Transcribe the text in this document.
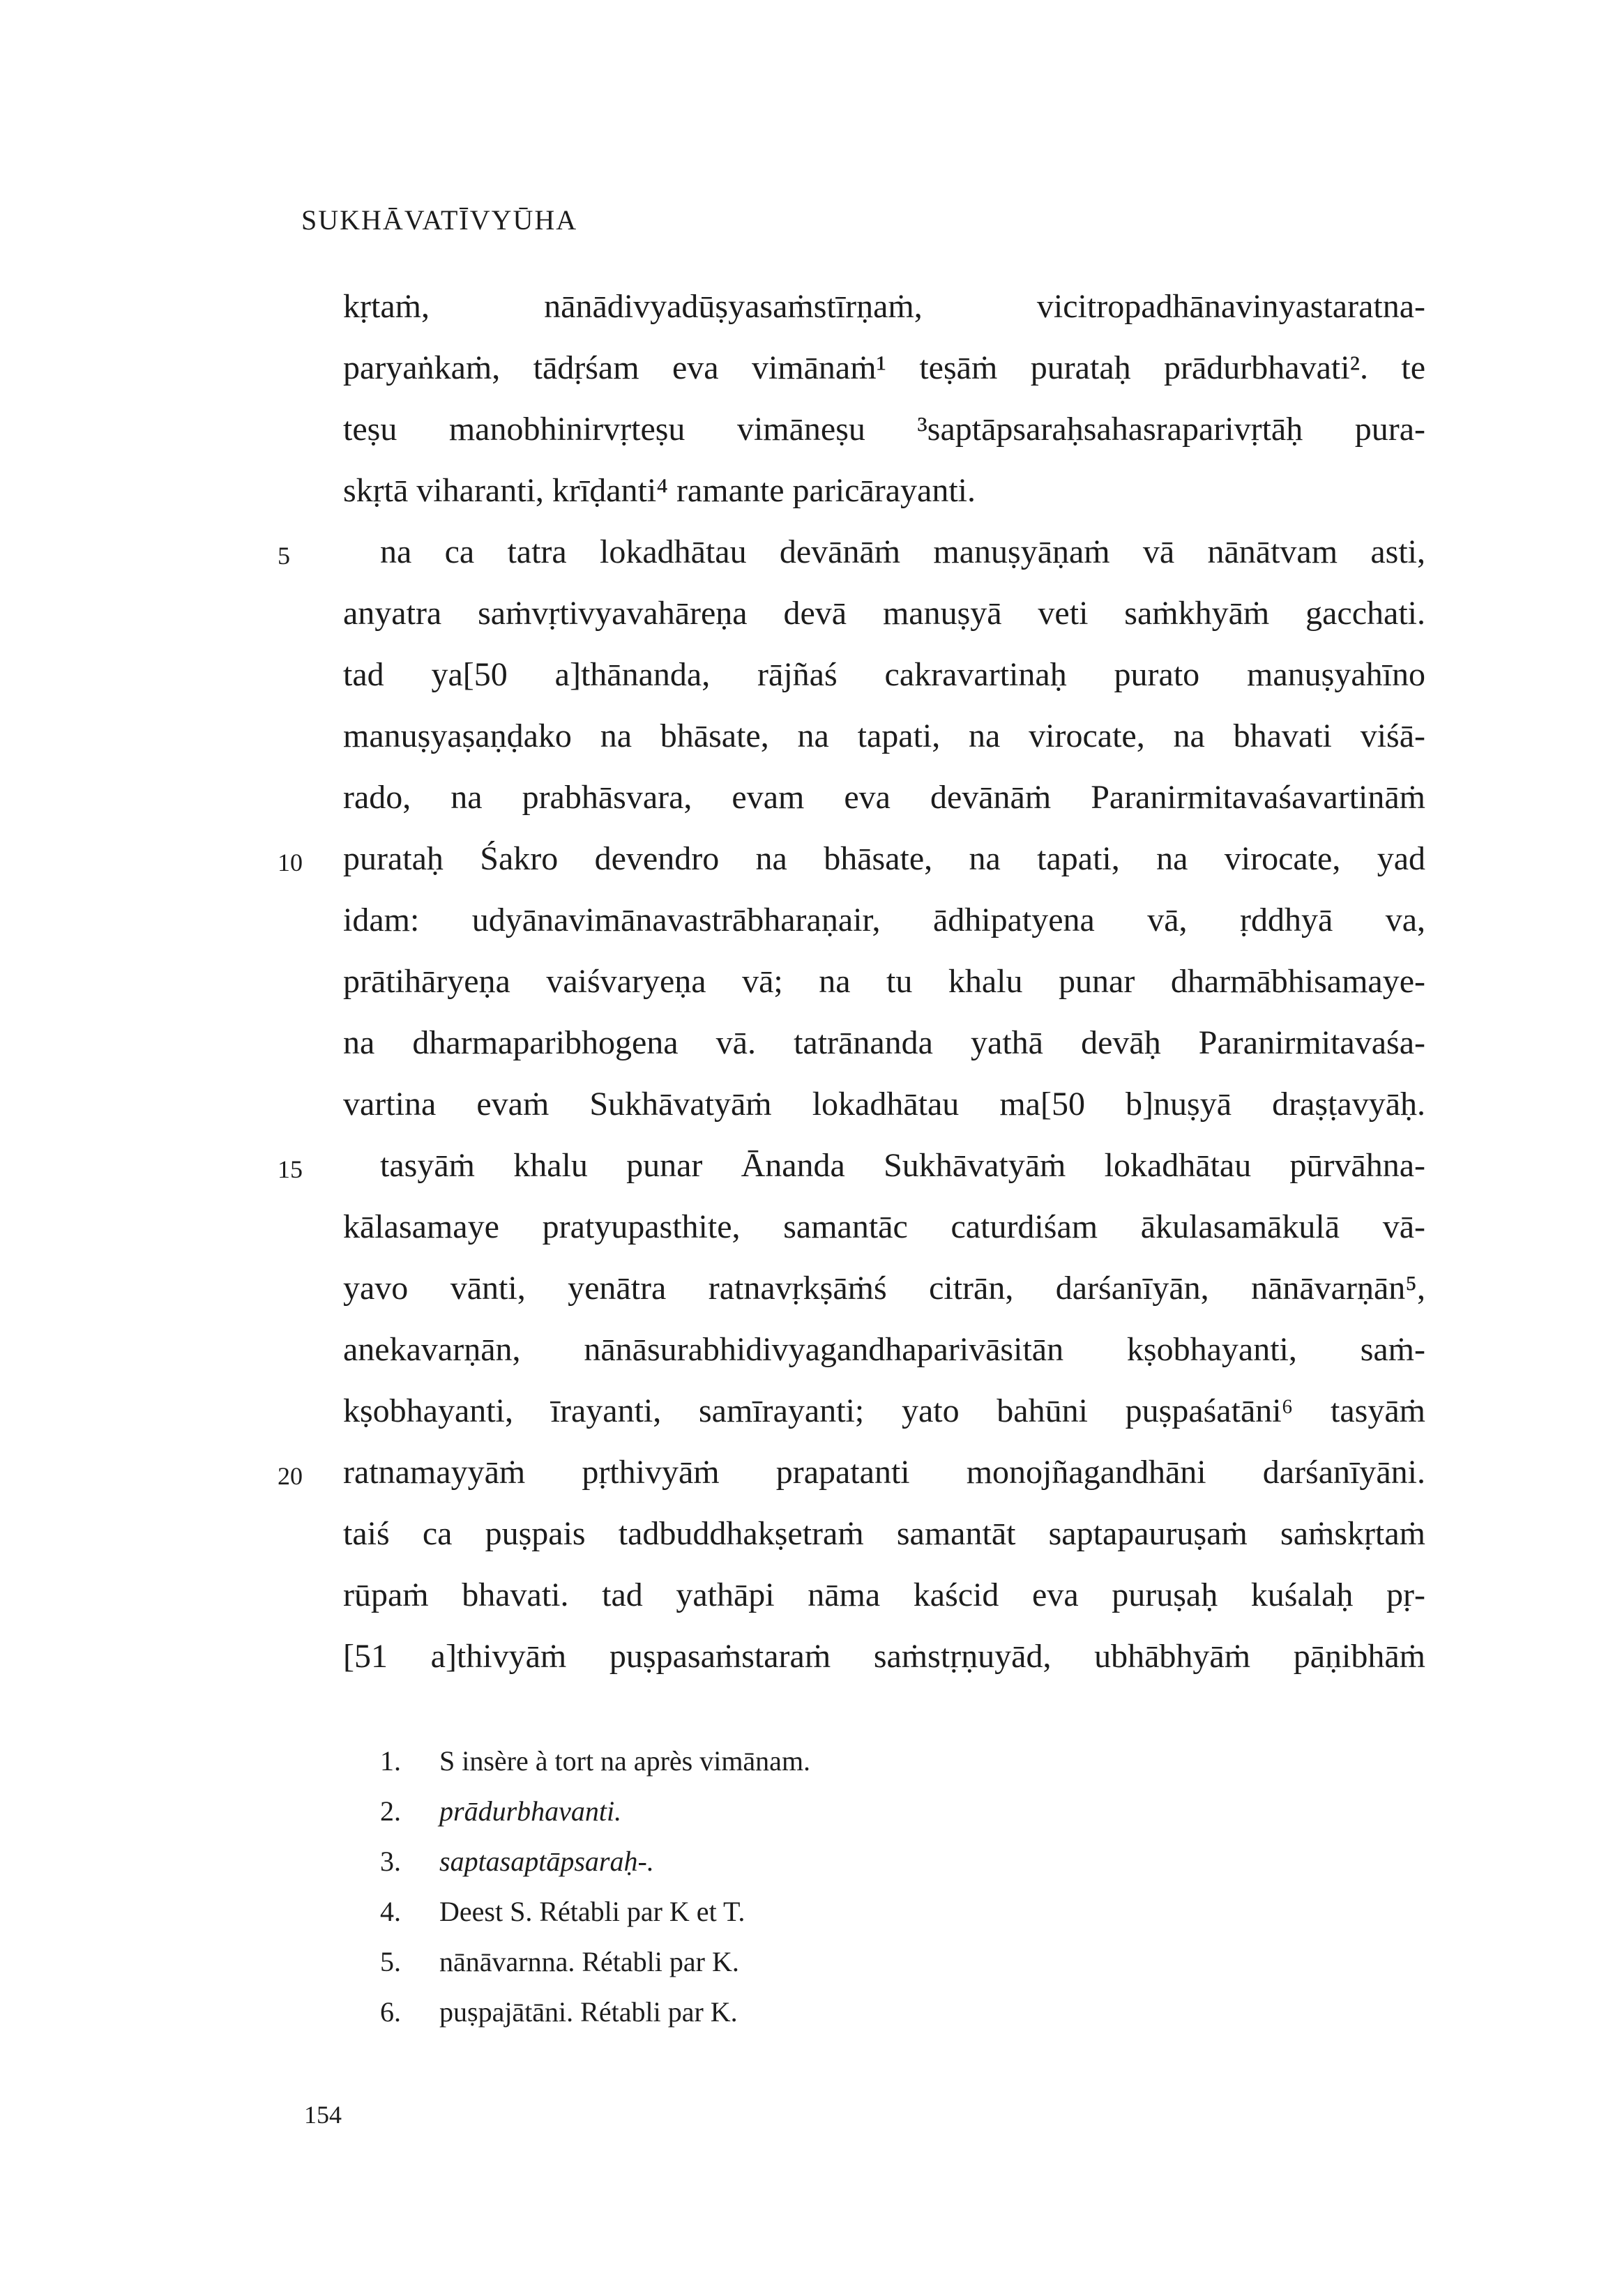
SUKHĀVATĪVYŪHA
kṛtaṁ, nānādivyadūṣyasaṁstīrṇaṁ, vicitropadhānavinyastaratna-
paryaṅkaṁ, tādṛśam eva vimānaṁ¹ teṣāṁ purataḥ prādurbhavati². te
teṣu manobhinirvṛteṣu vimāneṣu ³saptāpsaraḥsahasraparivṛtāḥ pura-
skṛtā viharanti, krīḍanti⁴ ramante paricārayanti.
na ca tatra lokadhātau devānāṁ manuṣyāṇaṁ vā nānātvam asti,
anyatra saṁvṛtivyavahāreṇa devā manuṣyā veti saṁkhyāṁ gacchati.
tad ya[50 a]thānanda, rājñaś cakravartinaḥ purato manuṣyahīno
manuṣyaṣaṇḍako na bhāsate, na tapati, na virocate, na bhavati viśā-
rado, na prabhāsvara, evam eva devānāṁ Paranirmitavaśavartināṁ
purataḥ Śakro devendro na bhāsate, na tapati, na virocate, yad
idam: udyānavimānavastrābharaṇair, ādhipatyena vā, ṛddhyā va,
prātihāryeṇa vaiśvaryeṇa vā; na tu khalu punar dharmābhisamaye-
na dharmaparibhogena vā. tatrānanda yathā devāḥ Paranirmitavaśa-
vartina evaṁ Sukhāvatyāṁ lokadhātau ma[50 b]nuṣyā draṣṭavyāḥ.
tasyāṁ khalu punar Ānanda Sukhāvatyāṁ lokadhātau pūrvāhna-
kālasamaye pratyupasthite, samantāc caturdiśam ākulasamākulā vā-
yavo vānti, yenātra ratnavṛkṣāṁś citrān, darśanīyān, nānāvarṇān⁵,
anekavarṇān, nānāsurabhidivyagandhaparivāsitān kṣobhayanti, saṁ-
kṣobhayanti, īrayanti, samīrayanti; yato bahūni puṣpaśatāni⁶ tasyāṁ
ratnamayyāṁ pṛthivyāṁ prapatanti monojñagandhāni darśanīyāni.
taiś ca puṣpais tadbuddhakṣetraṁ samantāt saptapauruṣaṁ saṁskṛtaṁ
rūpaṁ bhavati. tad yathāpi nāma kaścid eva puruṣaḥ kuśalaḥ pṛ-
[51 a]thivyāṁ puṣpasaṁstaraṁ saṁstṛṇuyād, ubhābhyāṁ pāṇibhāṁ
5
10
15
20
1. S insère à tort na après vimānam.
2. prādurbhavanti.
3. saptasaptāpsaraḥ-.
4. Deest S. Rétabli par K et T.
5. nānāvarnna. Rétabli par K.
6. puṣpajātāni. Rétabli par K.
154
